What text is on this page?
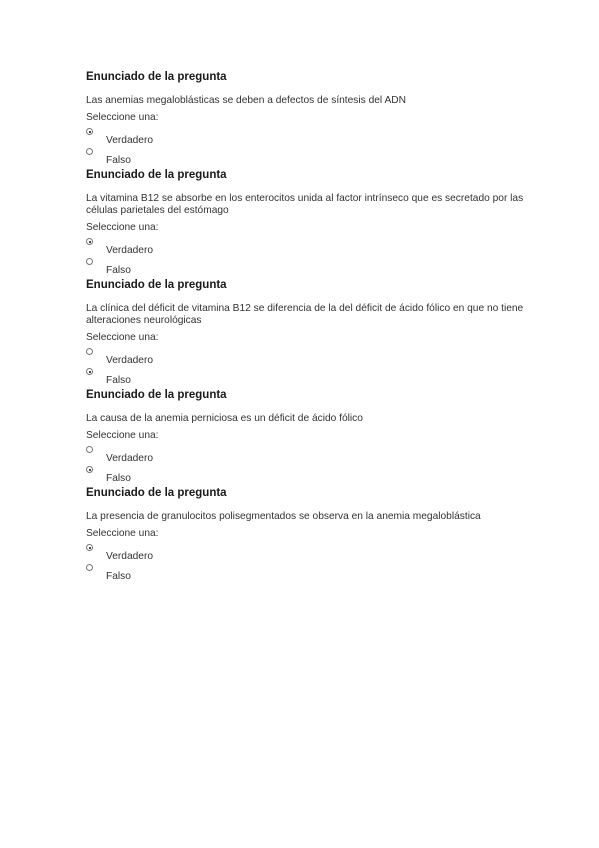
Enunciado de la pregunta
Las anemias megaloblásticas se deben a defectos de síntesis del ADN
Seleccione una:
Verdadero
Falso
Enunciado de la pregunta
La vitamina B12 se absorbe en los enterocitos unida al factor intrínseco que es secretado por las células parietales del estómago
Seleccione una:
Verdadero
Falso
Enunciado de la pregunta
La clínica del déficit de vitamina B12 se diferencia de la del déficit de ácido fólico en que no tiene alteraciones neurológicas
Seleccione una:
Verdadero
Falso
Enunciado de la pregunta
La causa de la anemia perniciosa es un déficit de ácido fólico
Seleccione una:
Verdadero
Falso
Enunciado de la pregunta
La presencia de granulocitos polisegmentados se observa en la anemia megaloblástica
Seleccione una:
Verdadero
Falso
